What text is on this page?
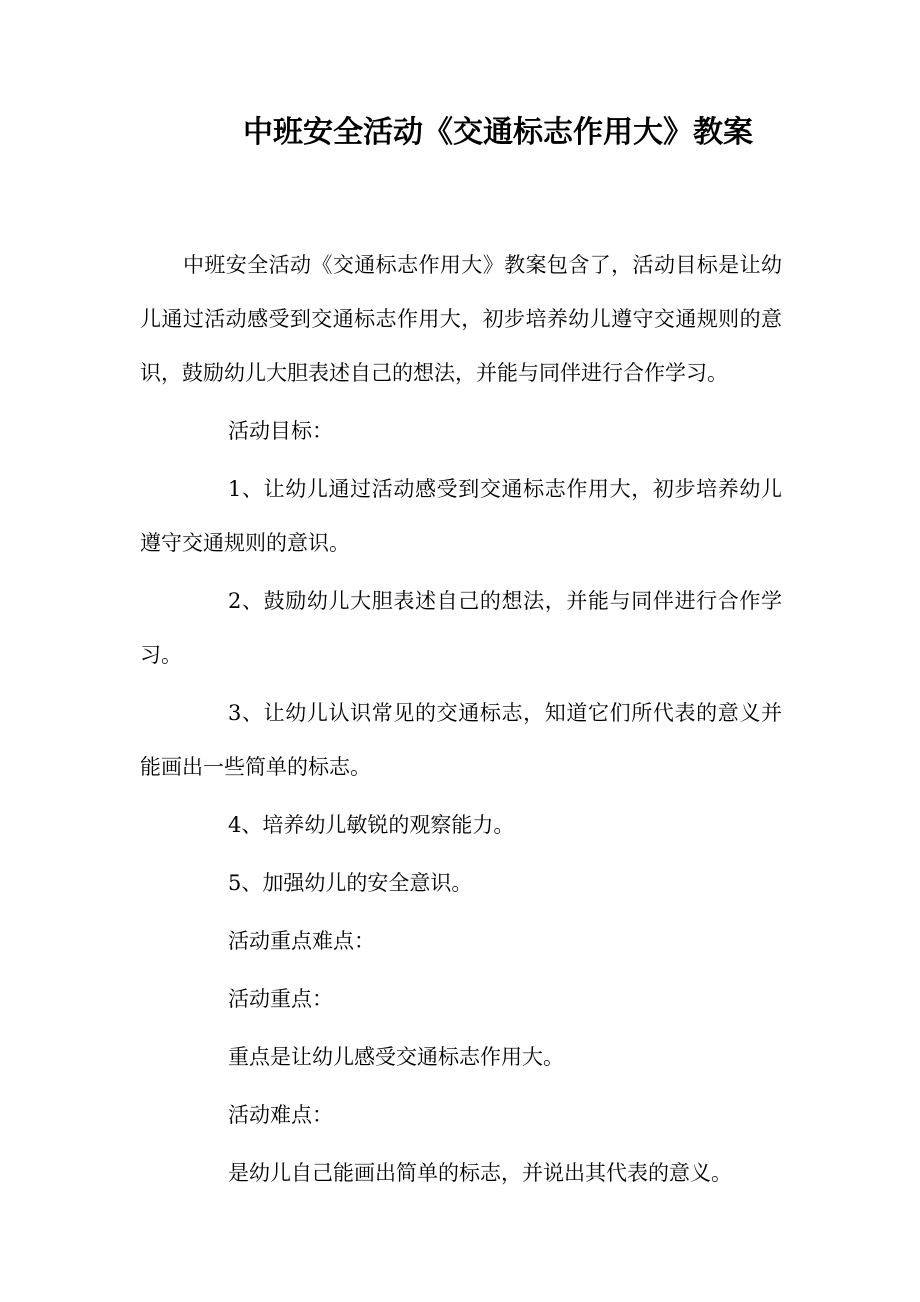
中班安全活动《交通标志作用大》教案
中班安全活动《交通标志作用大》教案包含了，活动目标是让幼
儿通过活动感受到交通标志作用大，初步培养幼儿遵守交通规则的意
识，鼓励幼儿大胆表述自己的想法，并能与同伴进行合作学习。
活动目标：
1、让幼儿通过活动感受到交通标志作用大，初步培养幼儿
遵守交通规则的意识。
2、鼓励幼儿大胆表述自己的想法，并能与同伴进行合作学
习。
3、让幼儿认识常见的交通标志，知道它们所代表的意义并
能画出一些简单的标志。
4、培养幼儿敏锐的观察能力。
5、加强幼儿的安全意识。
活动重点难点：
活动重点：
重点是让幼儿感受交通标志作用大。
活动难点：
是幼儿自己能画出简单的标志，并说出其代表的意义。
